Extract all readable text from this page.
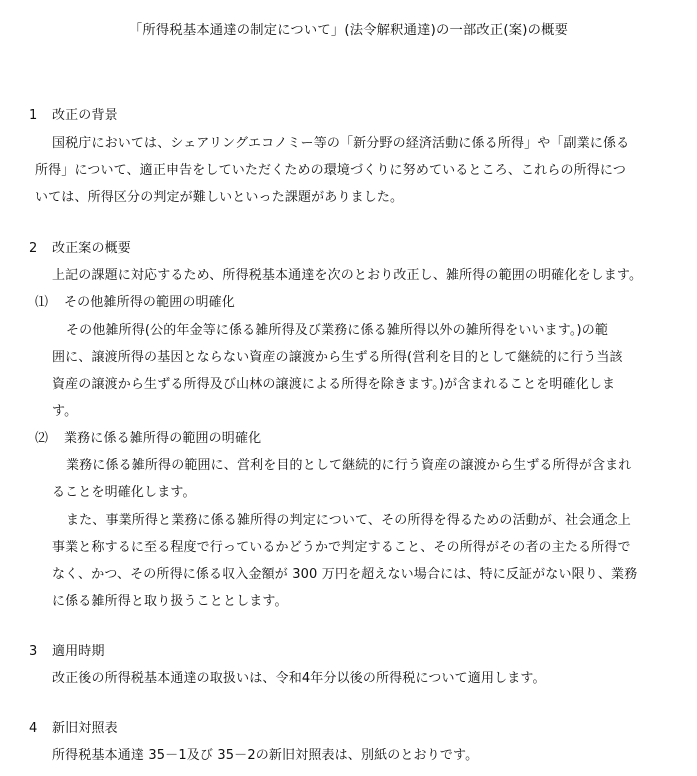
「所得税基本通達の制定について」(法令解釈通達)の一部改正(案)の概要
1 改正の背景
国税庁においては、シェアリングエコノミー等の「新分野の経済活動に係る所得」や「副業に係る
所得」について、適正申告をしていただくための環境づくりに努めているところ、これらの所得につ
いては、所得区分の判定が難しいといった課題がありました。
2 改正案の概要
上記の課題に対応するため、所得税基本通達を次のとおり改正し、雑所得の範囲の明確化をします。
⑴ その他雑所得の範囲の明確化
その他雑所得(公的年金等に係る雑所得及び業務に係る雑所得以外の雑所得をいいます。)の範
囲に、譲渡所得の基因とならない資産の譲渡から生ずる所得(営利を目的として継続的に行う当該
資産の譲渡から生ずる所得及び山林の譲渡による所得を除きます。)が含まれることを明確化しま
す。
⑵ 業務に係る雑所得の範囲の明確化
業務に係る雑所得の範囲に、営利を目的として継続的に行う資産の譲渡から生ずる所得が含まれ
ることを明確化します。
また、事業所得と業務に係る雑所得の判定について、その所得を得るための活動が、社会通念上
事業と称するに至る程度で行っているかどうかで判定すること、その所得がその者の主たる所得で
なく、かつ、その所得に係る収入金額が 300 万円を超えない場合には、特に反証がない限り、業務
に係る雑所得と取り扱うこととします。
3 適用時期
改正後の所得税基本通達の取扱いは、令和4年分以後の所得税について適用します。
4 新旧対照表
所得税基本通達 35－1及び 35－2の新旧対照表は、別紙のとおりです。
